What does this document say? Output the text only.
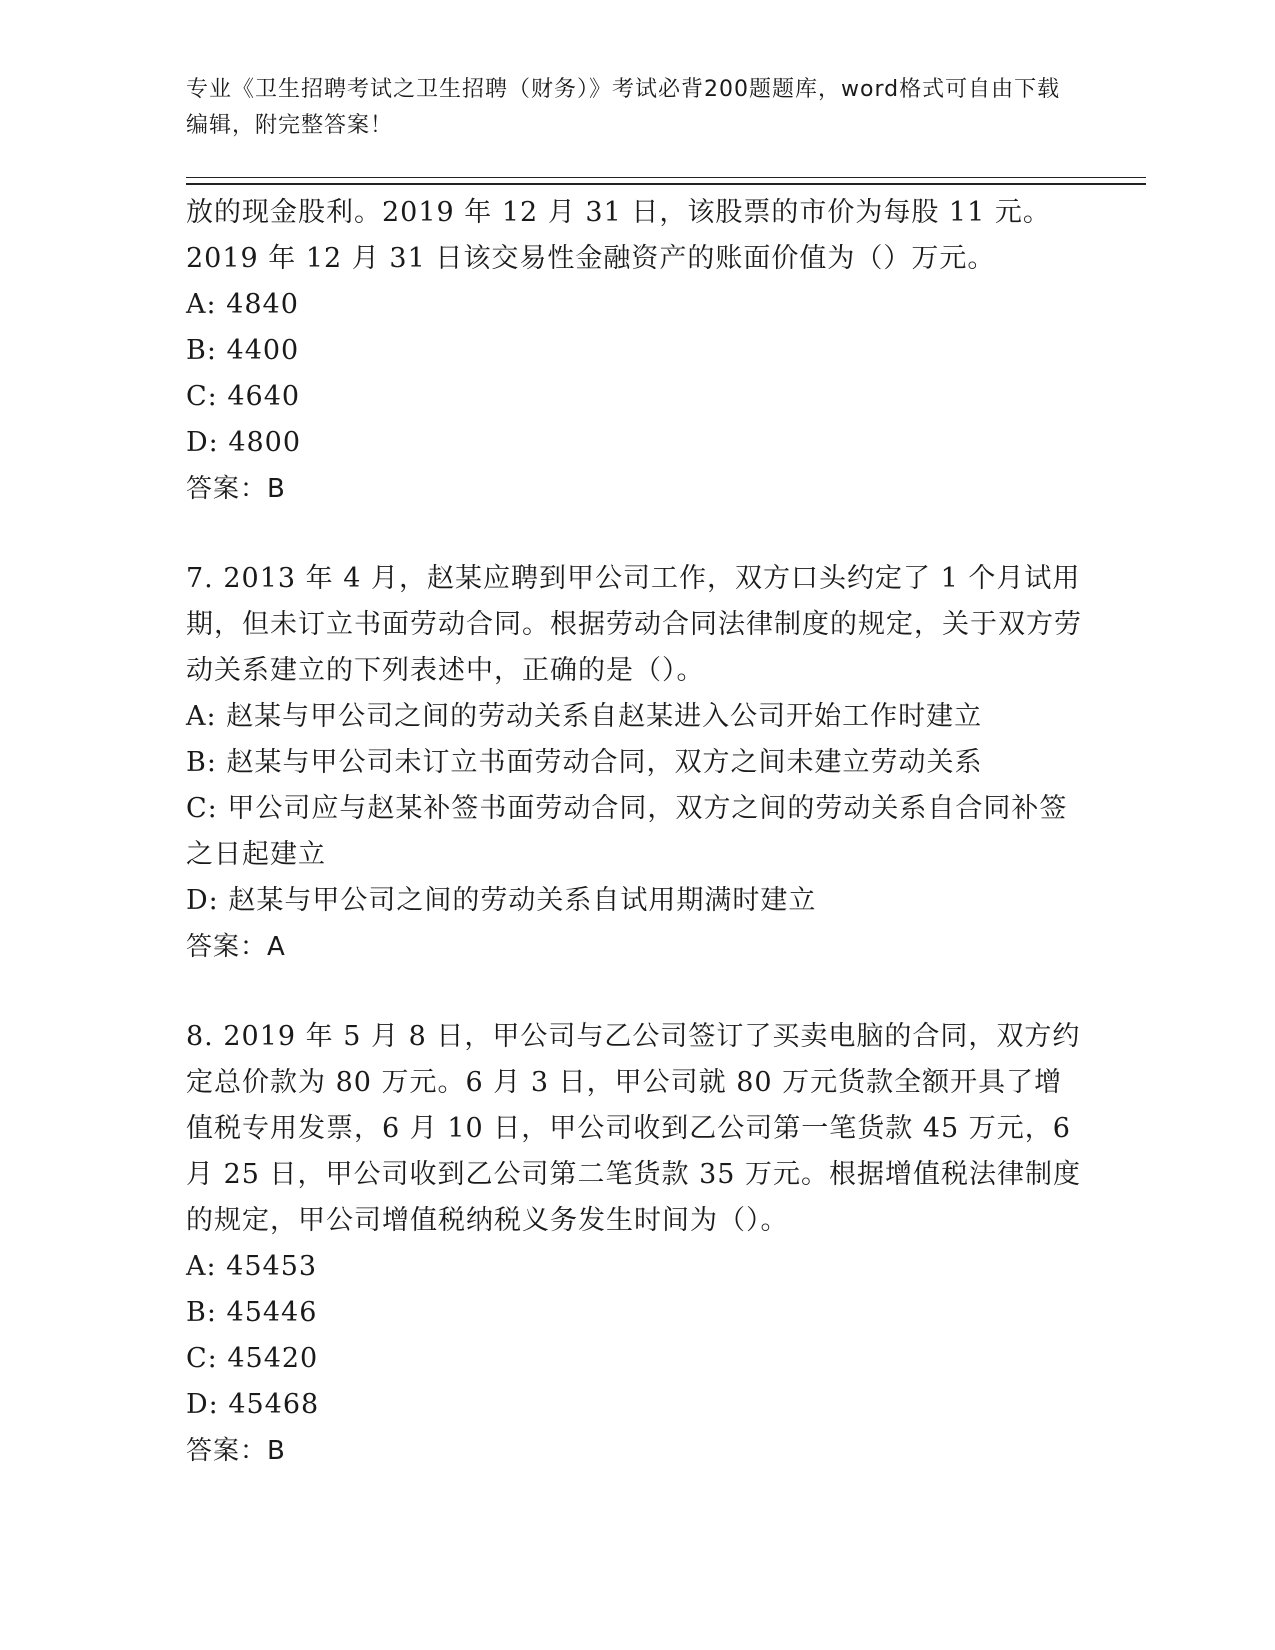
专业《卫生招聘考试之卫生招聘（财务）》考试必背200题题库，word格式可自由下载编辑，附完整答案！
放的现金股利。2019 年 12 月 31 日，该股票的市价为每股 11 元。2019 年 12 月 31 日该交易性金融资产的账面价值为（）万元。
A: 4840
B: 4400
C: 4640
D: 4800
答案：B
7. 2013 年 4 月，赵某应聘到甲公司工作，双方口头约定了 1 个月试用期，但未订立书面劳动合同。根据劳动合同法律制度的规定，关于双方劳动关系建立的下列表述中，正确的是（）。
A: 赵某与甲公司之间的劳动关系自赵某进入公司开始工作时建立
B: 赵某与甲公司未订立书面劳动合同，双方之间未建立劳动关系
C: 甲公司应与赵某补签书面劳动合同，双方之间的劳动关系自合同补签之日起建立
D: 赵某与甲公司之间的劳动关系自试用期满时建立
答案：A
8. 2019 年 5 月 8 日，甲公司与乙公司签订了买卖电脑的合同，双方约定总价款为 80 万元。6 月 3 日，甲公司就 80 万元货款全额开具了增值税专用发票，6 月 10 日，甲公司收到乙公司第一笔货款 45 万元，6 月 25 日，甲公司收到乙公司第二笔货款 35 万元。根据增值税法律制度的规定，甲公司增值税纳税义务发生时间为（）。
A: 45453
B: 45446
C: 45420
D: 45468
答案：B
